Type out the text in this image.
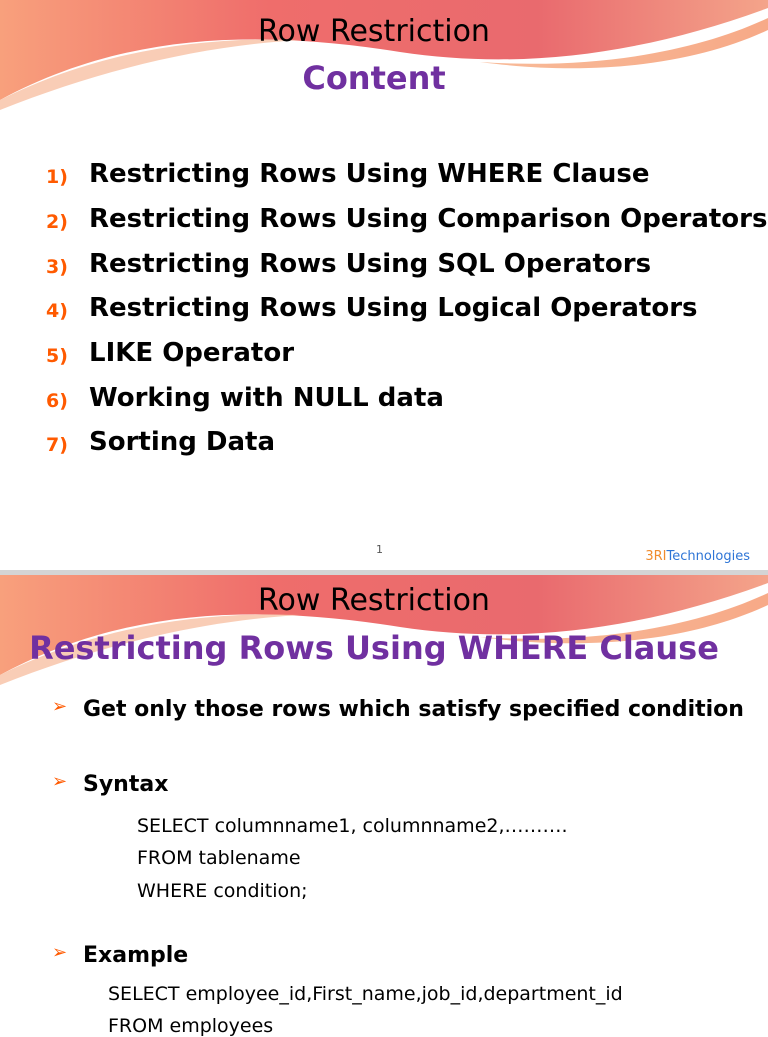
Row Restriction
Content
1) Restricting Rows Using WHERE Clause
2) Restricting Rows Using Comparison Operators
3) Restricting Rows Using SQL Operators
4) Restricting Rows Using Logical Operators
5) LIKE Operator
6) Working with NULL data
7) Sorting Data
1	3RITechnologies
Row Restriction
Restricting Rows Using WHERE Clause
➢ Get only those rows which satisfy specified condition
➢ Syntax
SELECT columnname1, columnname2,……….
FROM tablename
WHERE condition;
➢ Example
SELECT employee_id,First_name,job_id,department_id
FROM employees
